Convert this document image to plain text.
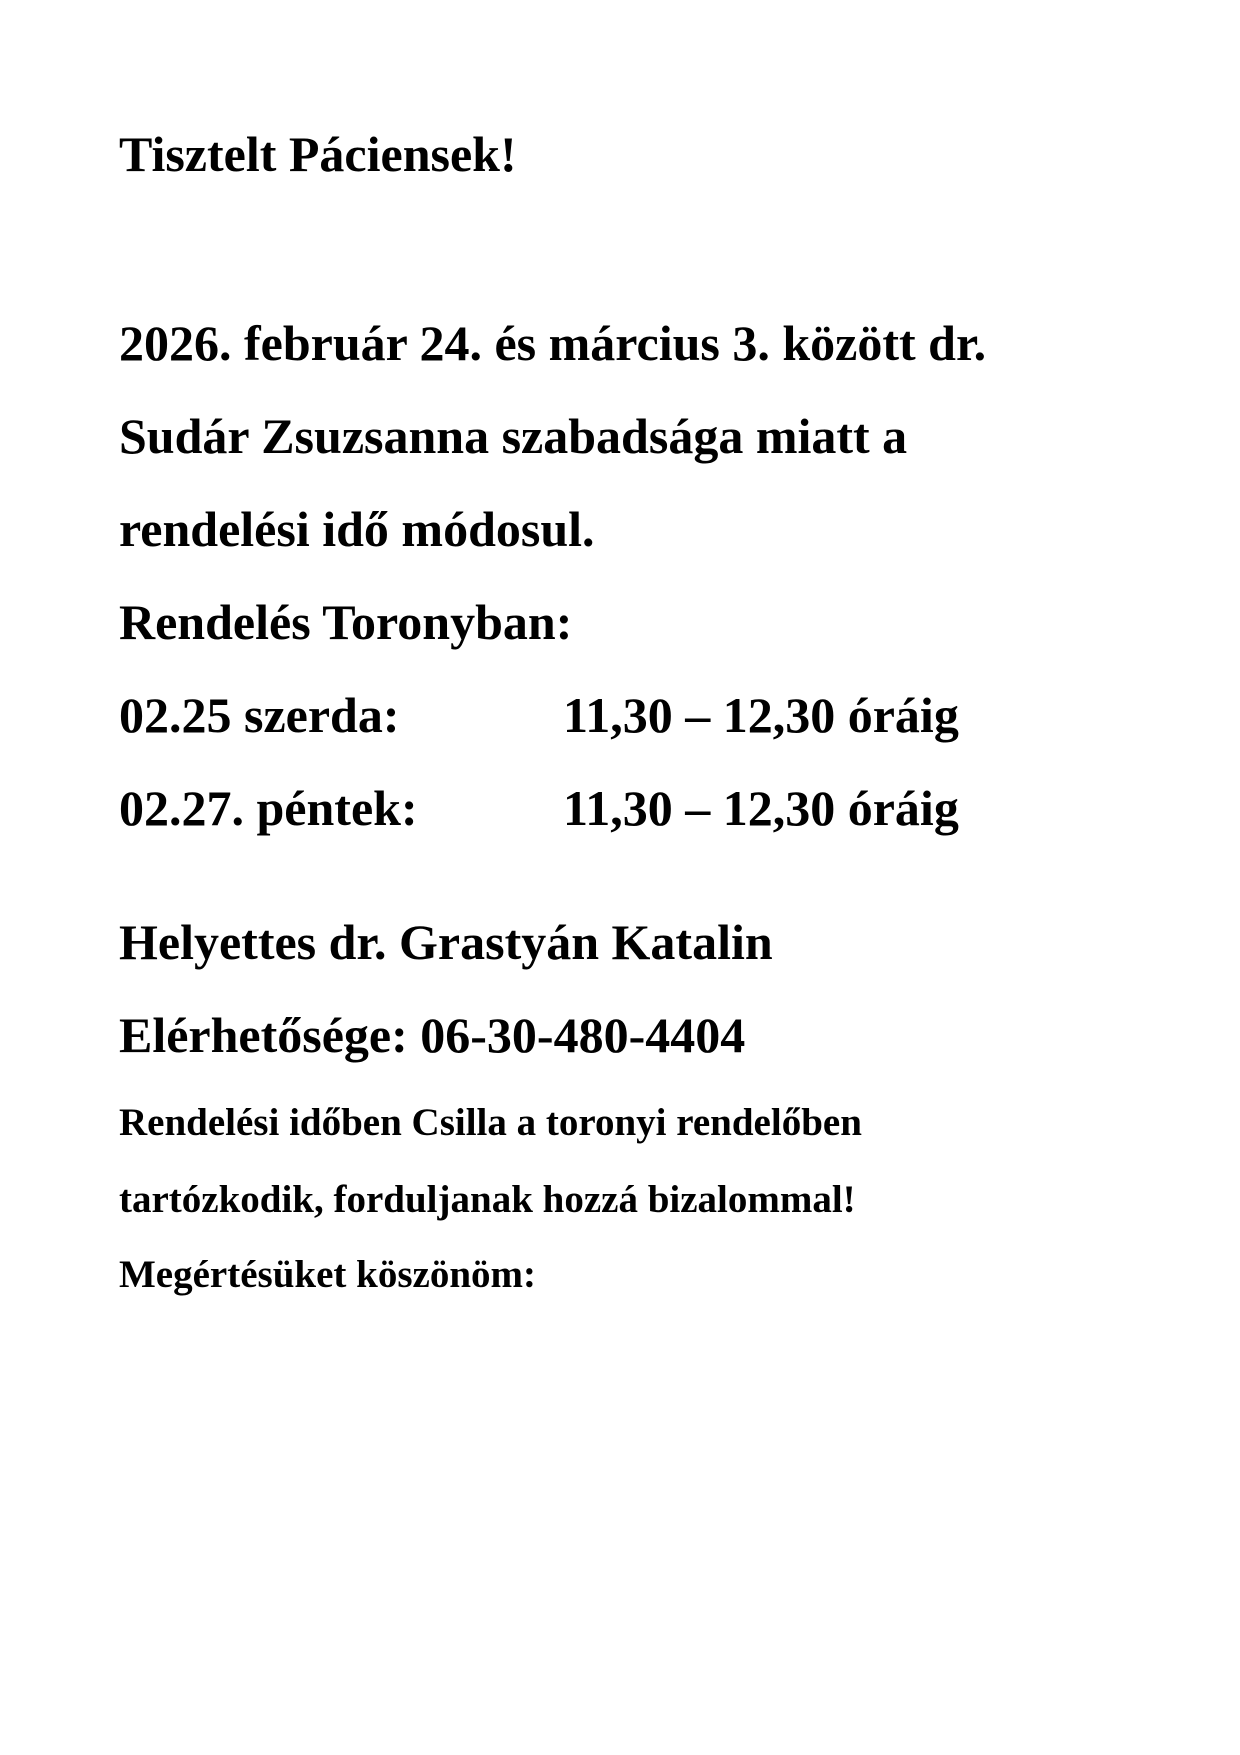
Tisztelt Páciensek!
2026. február 24. és március 3. között dr.
Sudár Zsuzsanna szabadsága miatt a
rendelési idő módosul.
Rendelés Toronyban:
02.25 szerda:	11,30 – 12,30 óráig
02.27. péntek:	11,30 – 12,30 óráig
Helyettes dr. Grastyán Katalin
Elérhetősége: 06-30-480-4404
Rendelési időben Csilla a toronyi rendelőben
tartózkodik, forduljanak hozzá bizalommal!
Megértésüket köszönöm:
